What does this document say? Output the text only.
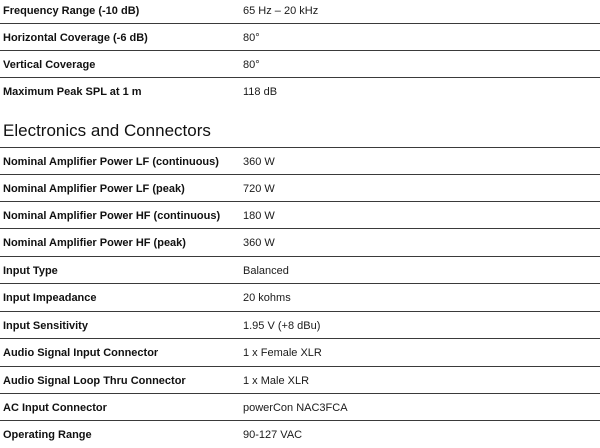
Frequency Range (-10 dB)	65 Hz – 20 kHz
Horizontal Coverage (-6 dB)	80°
Vertical Coverage	80°
Maximum Peak SPL at 1 m	118 dB
Electronics and Connectors
Nominal Amplifier Power LF (continuous) 360 W
Nominal Amplifier Power LF (peak)	720 W
Nominal Amplifier Power HF (continuous) 180 W
Nominal Amplifier Power HF (peak)	360 W
Input Type	Balanced
Input Impeadance	20 kohms
Input Sensitivity	1.95 V (+8 dBu)
Audio Signal Input Connector	1 x Female XLR
Audio Signal Loop Thru Connector	1 x Male XLR
AC Input Connector	powerCon NAC3FCA
Operating Range	90-127 VAC
